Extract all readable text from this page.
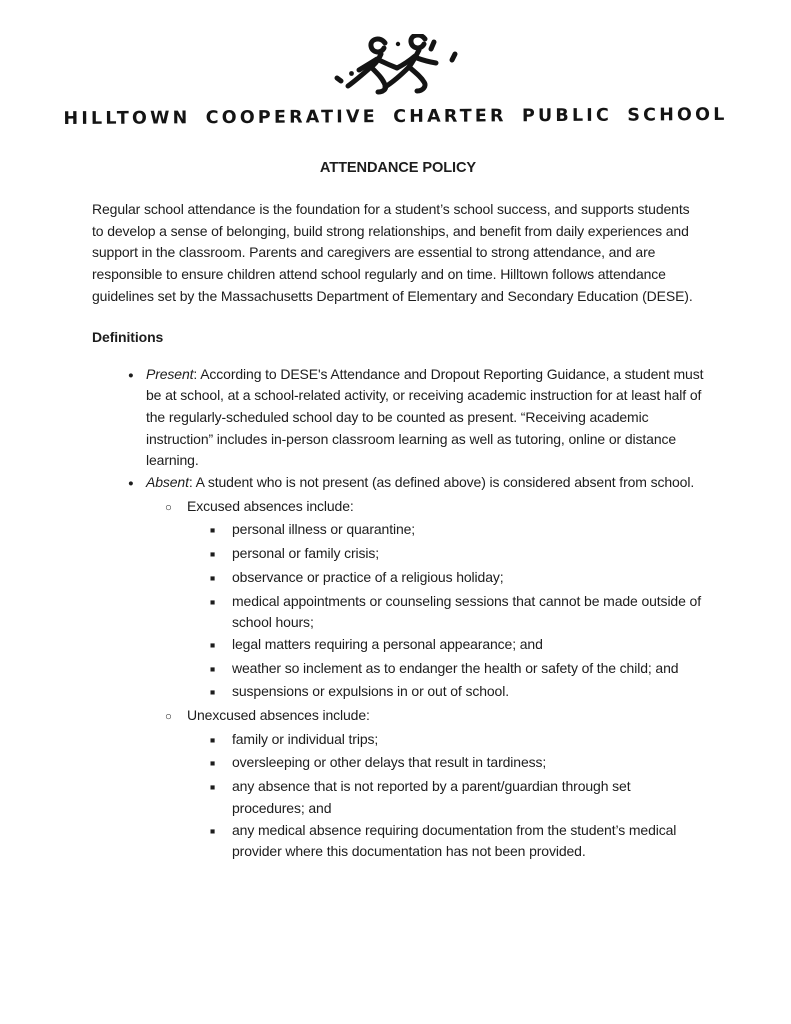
HILLTOWN COOPERATIVE CHARTER PUBLIC SCHOOL
ATTENDANCE POLICY

Regular school attendance is the foundation for a student’s school success, and supports students to develop a sense of belonging, build strong relationships, and benefit from daily experiences and support in the classroom. Parents and caregivers are essential to strong attendance, and are responsible to ensure children attend school regularly and on time. Hilltown follows attendance guidelines set by the Massachusetts Department of Elementary and Secondary Education (DESE).

Definitions
●

Present: According to DESE's Attendance and Dropout Reporting Guidance, a student must be at school, at a school-related activity, or receiving academic instruction for at least half of the regularly-scheduled school day to be counted as present. “Receiving academic instruction” includes in-person classroom learning as well as tutoring, online or distance learning.

●

Absent: A student who is not present (as defined above) is considered absent from school.

○

Excused absences include:

■

personal illness or quarantine;

■

personal or family crisis;

■

observance or practice of a religious holiday;

■

medical appointments or counseling sessions that cannot be made outside of school hours;

■

legal matters requiring a personal appearance; and

■

weather so inclement as to endanger the health or safety of the child; and

■

suspensions or expulsions in or out of school.

○

Unexcused absences include:

■

family or individual trips;

■

oversleeping or other delays that result in tardiness;

■

any absence that is not reported by a parent/guardian through set procedures; and

■

any medical absence requiring documentation from the student’s medical provider where this documentation has not been provided.
